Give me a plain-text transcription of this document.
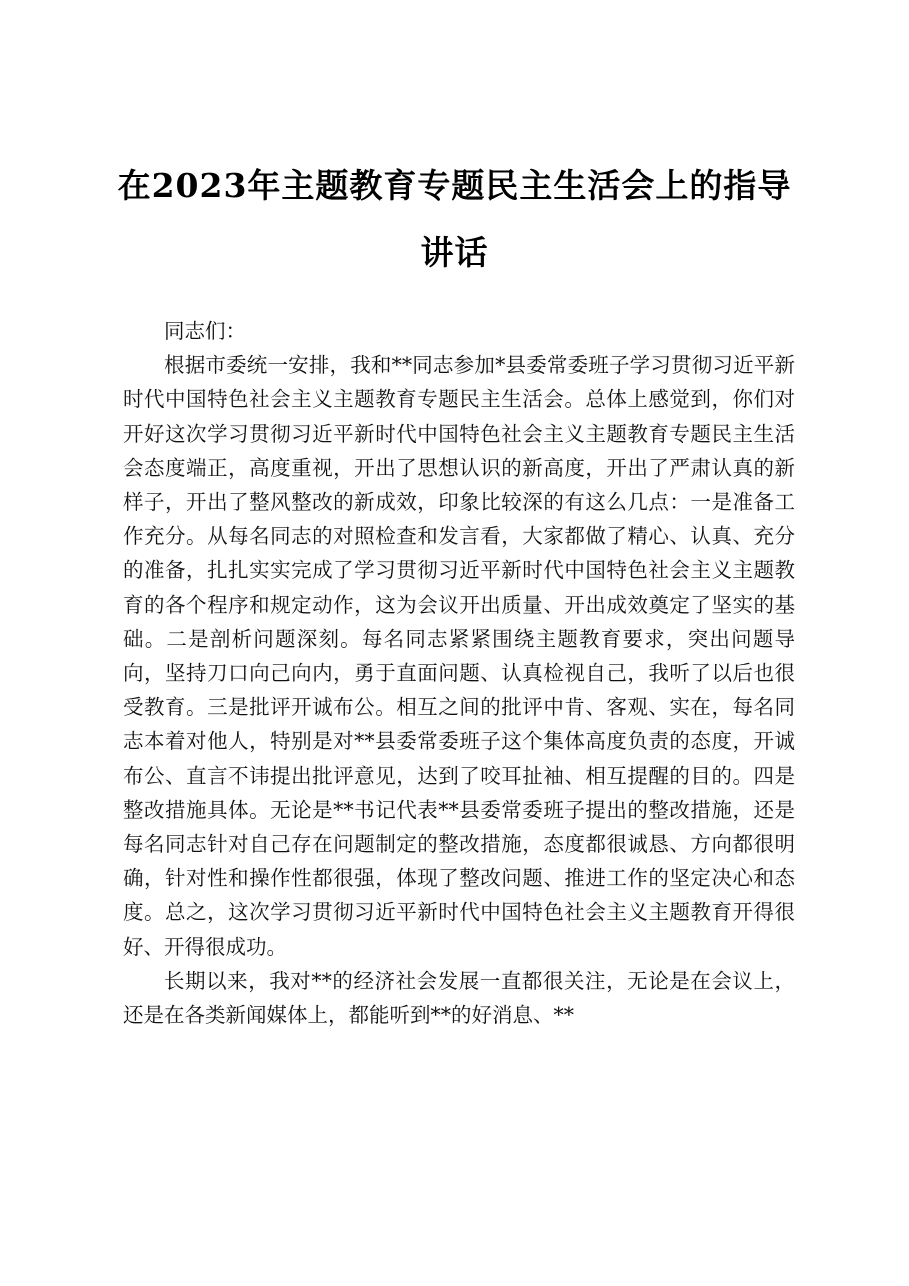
在2023年主题教育专题民主生活会上的指导
讲话

同志们：

根据市委统一安排，我和**同志参加*县委常委班子学习贯彻习近平新时代中国特色社会主义主题教育专题民主生活会。总体上感觉到，你们对开好这次学习贯彻习近平新时代中国特色社会主义主题教育专题民主生活会态度端正，高度重视，开出了思想认识的新高度，开出了严肃认真的新样子，开出了整风整改的新成效，印象比较深的有这么几点：一是准备工作充分。从每名同志的对照检查和发言看，大家都做了精心、认真、充分的准备，扎扎实实完成了学习贯彻习近平新时代中国特色社会主义主题教育的各个程序和规定动作，这为会议开出质量、开出成效奠定了坚实的基础。二是剖析问题深刻。每名同志紧紧围绕主题教育要求，突出问题导向，坚持刀口向己向内，勇于直面问题、认真检视自己，我听了以后也很受教育。三是批评开诚布公。相互之间的批评中肯、客观、实在，每名同志本着对他人，特别是对**县委常委班子这个集体高度负责的态度，开诚布公、直言不讳提出批评意见，达到了咬耳扯袖、相互提醒的目的。四是整改措施具体。无论是**书记代表**县委常委班子提出的整改措施，还是每名同志针对自己存在问题制定的整改措施，态度都很诚恳、方向都很明确，针对性和操作性都很强，体现了整改问题、推进工作的坚定决心和态度。总之，这次学习贯彻习近平新时代中国特色社会主义主题教育开得很好、开得很成功。

长期以来，我对**的经济社会发展一直都很关注，无论是在会议上，还是在各类新闻媒体上，都能听到**的好消息、**
